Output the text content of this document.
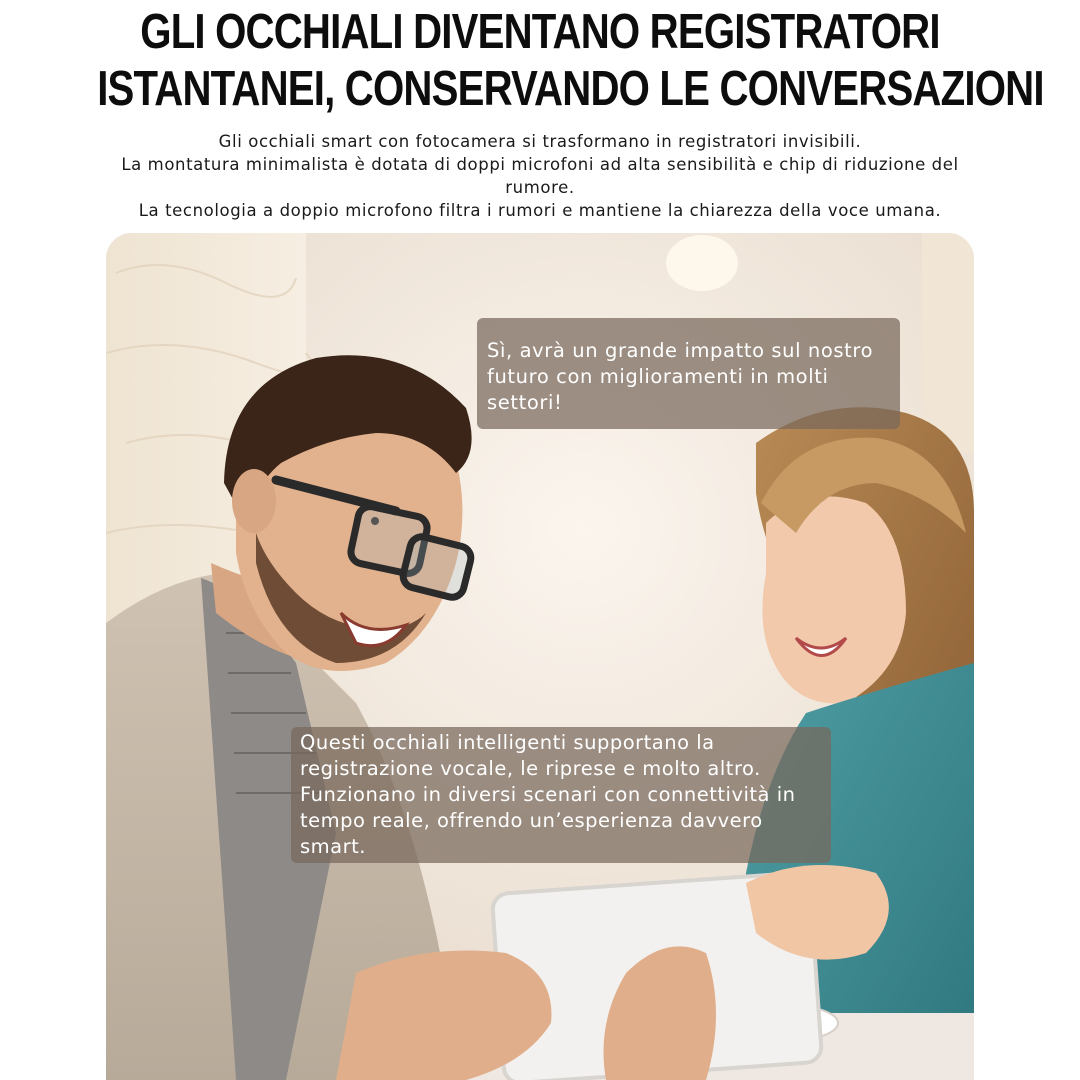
GLI OCCHIALI DIVENTANO REGISTRATORI
ISTANTANEI, CONSERVANDO LE CONVERSAZIONI

Gli occhiali smart con fotocamera si trasformano in registratori invisibili.
La montatura minimalista è dotata di doppi microfoni ad alta sensibilità e chip di riduzione del rumore.
La tecnologia a doppio microfono filtra i rumori e mantiene la chiarezza della voce umana.

Sì, avrà un grande impatto sul nostro futuro con miglioramenti in molti settori!
Questi occhiali intelligenti supportano la registrazione vocale, le riprese e molto altro. Funzionano in diversi scenari con connettività in tempo reale, offrendo un’esperienza davvero smart.
